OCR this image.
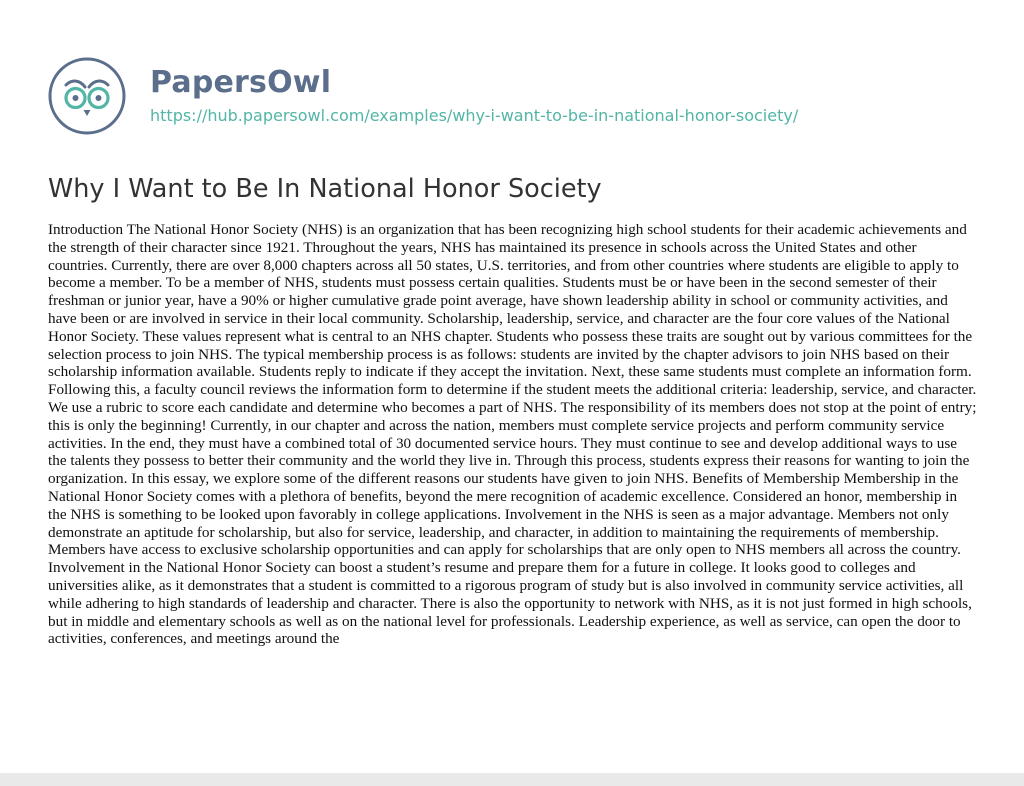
PapersOwl
https://hub.papersowl.com/examples/why-i-want-to-be-in-national-honor-society/
Why I Want to Be In National Honor Society

Introduction The National Honor Society (NHS) is an organization that has been recognizing high school students for their academic achievements and the strength of their character since 1921. Throughout the years, NHS has maintained its presence in schools across the United States and other countries. Currently, there are over 8,000 chapters across all 50 states, U.S. territories, and from other countries where students are eligible to apply to become a member. To be a member of NHS, students must possess certain qualities. Students must be or have been in the second semester of their freshman or junior year, have a 90% or higher cumulative grade point average, have shown leadership ability in school or community activities, and have been or are involved in service in their local community. Scholarship, leadership, service, and character are the four core values of the National Honor Society. These values represent what is central to an NHS chapter. Students who possess these traits are sought out by various committees for the selection process to join NHS. The typical membership process is as follows: students are invited by the chapter advisors to join NHS based on their scholarship information available. Students reply to indicate if they accept the invitation. Next, these same students must complete an information form. Following this, a faculty council reviews the information form to determine if the student meets the additional criteria: leadership, service, and character. We use a rubric to score each candidate and determine who becomes a part of NHS. The responsibility of its members does not stop at the point of entry; this is only the beginning! Currently, in our chapter and across the nation, members must complete service projects and perform community service activities. In the end, they must have a combined total of 30 documented service hours. They must continue to see and develop additional ways to use the talents they possess to better their community and the world they live in. Through this process, students express their reasons for wanting to join the organization. In this essay, we explore some of the different reasons our students have given to join NHS. Benefits of Membership Membership in the National Honor Society comes with a plethora of benefits, beyond the mere recognition of academic excellence. Considered an honor, membership in the NHS is something to be looked upon favorably in college applications. Involvement in the NHS is seen as a major advantage. Members not only demonstrate an aptitude for scholarship, but also for service, leadership, and character, in addition to maintaining the requirements of membership. Members have access to exclusive scholarship opportunities and can apply for scholarships that are only open to NHS members all across the country. Involvement in the National Honor Society can boost a student’s resume and prepare them for a future in college. It looks good to colleges and universities alike, as it demonstrates that a student is committed to a rigorous program of study but is also involved in community service activities, all while adhering to high standards of leadership and character. There is also the opportunity to network with NHS, as it is not just formed in high schools, but in middle and elementary schools as well as on the national level for professionals. Leadership experience, as well as service, can open the door to activities, conferences, and meetings around the
